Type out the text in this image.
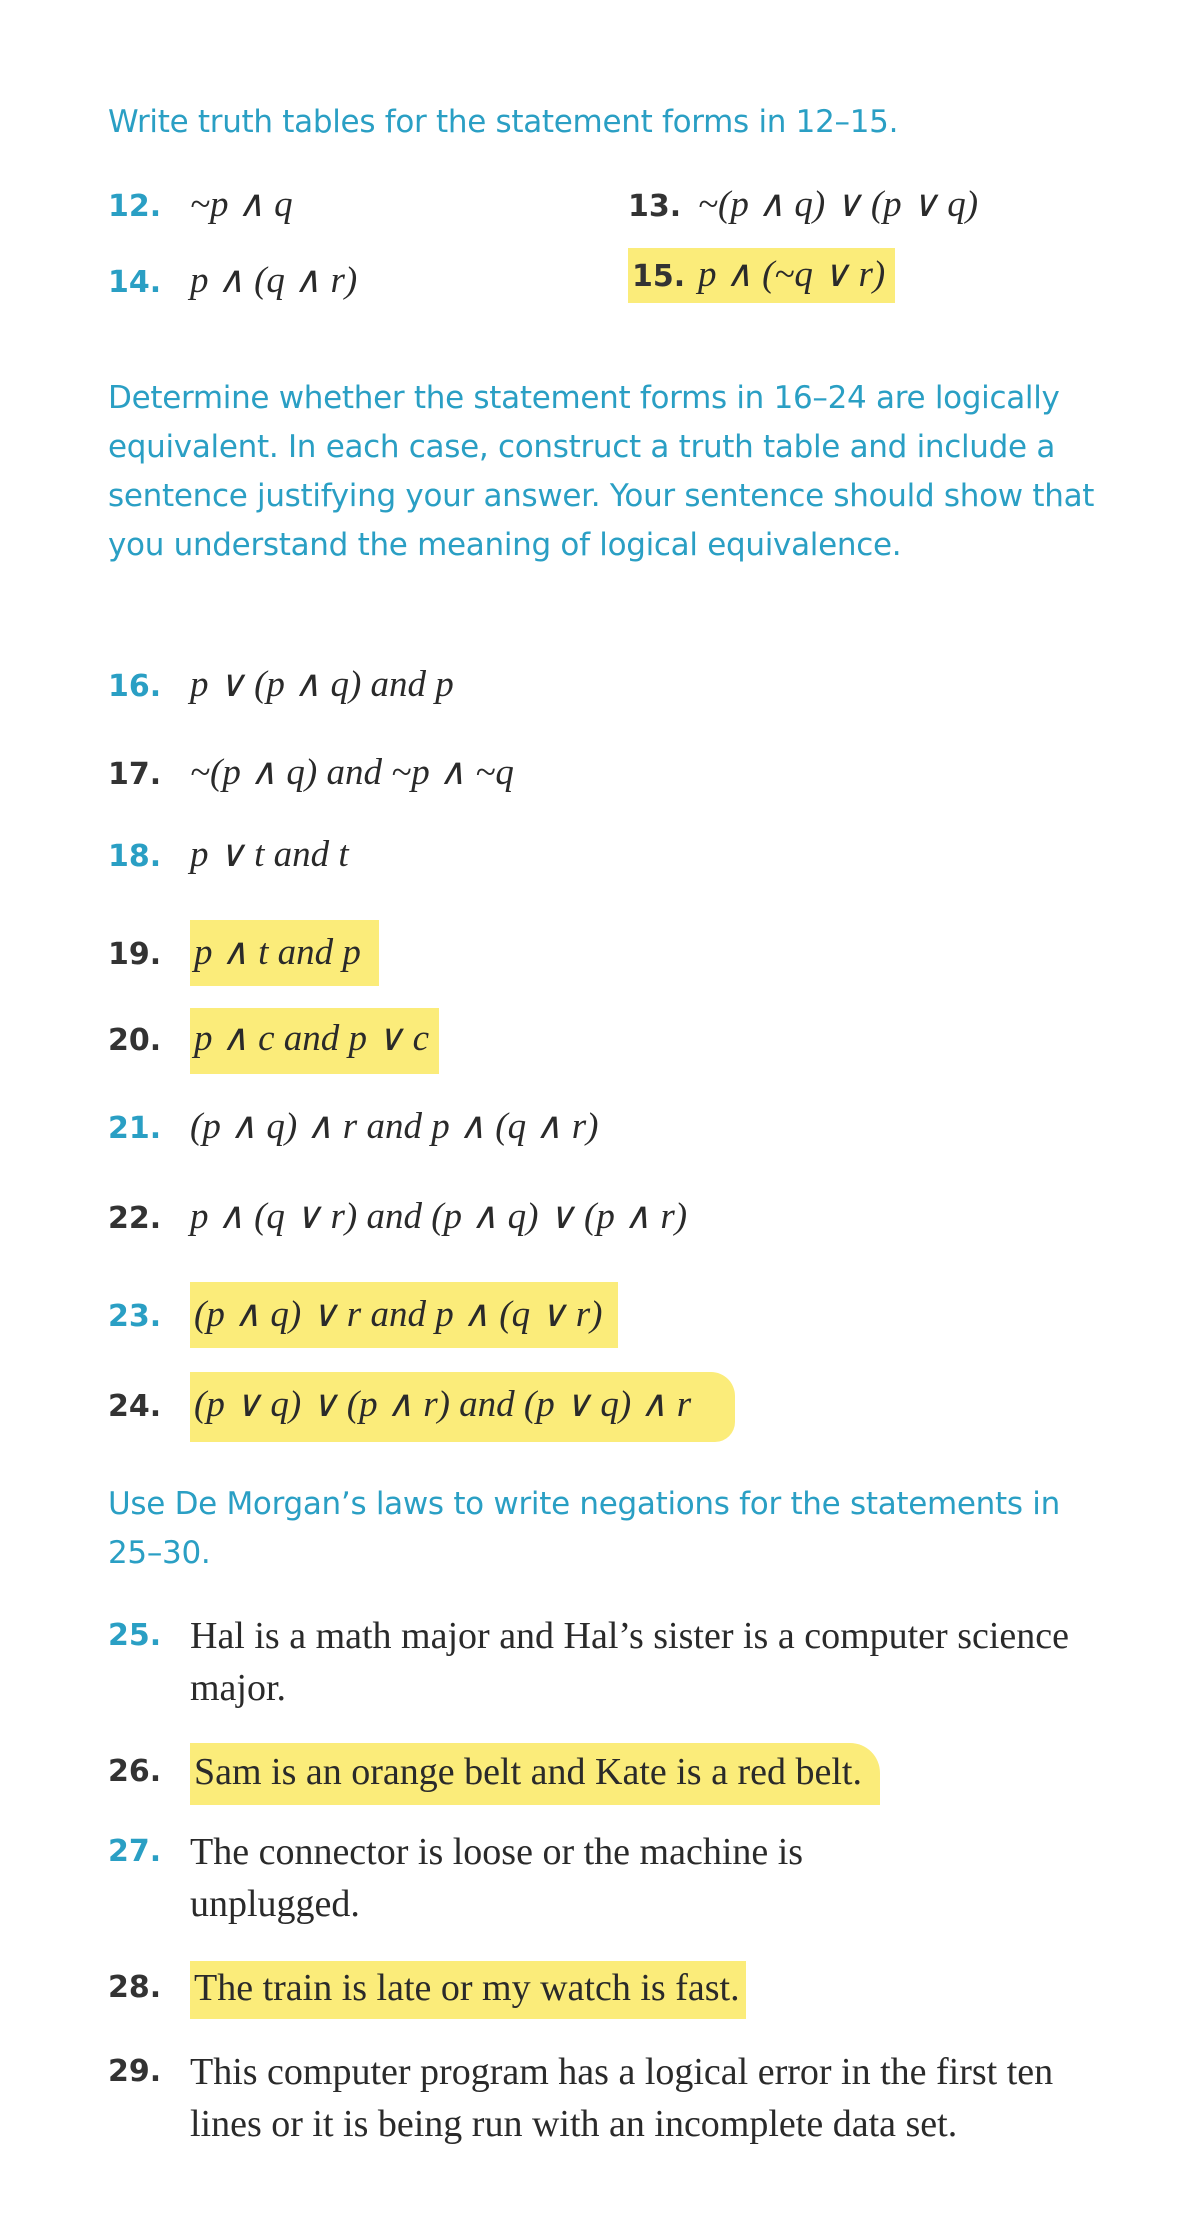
Write truth tables for the statement forms in 12–15.
12. ~p ∧ q	13. ~(p ∧ q) ∨ (p ∨ q)
14. p ∧ (q ∧ r)	15. p ∧ (~q ∨ r)
Determine whether the statement forms in 16–24 are logically equivalent. In each case, construct a truth table and include a sentence justifying your answer. Your sentence should show that you understand the meaning of logical equivalence.
16. p ∨ (p ∧ q) and p
17. ~(p ∧ q) and ~p ∧ ~q
18. p ∨ t and t
19. p ∧ t and p
20. p ∧ c and p ∨ c
21. (p ∧ q) ∧ r and p ∧ (q ∧ r)
22. p ∧ (q ∨ r) and (p ∧ q) ∨ (p ∧ r)
23. (p ∧ q) ∨ r and p ∧ (q ∨ r)
24. (p ∨ q) ∨ (p ∧ r) and (p ∨ q) ∧ r
Use De Morgan’s laws to write negations for the statements in 25–30.
25. Hal is a math major and Hal’s sister is a computer science major.
26. Sam is an orange belt and Kate is a red belt.
27. The connector is loose or the machine is unplugged.
28. The train is late or my watch is fast.
29. This computer program has a logical error in the first ten lines or it is being run with an incomplete data set.
